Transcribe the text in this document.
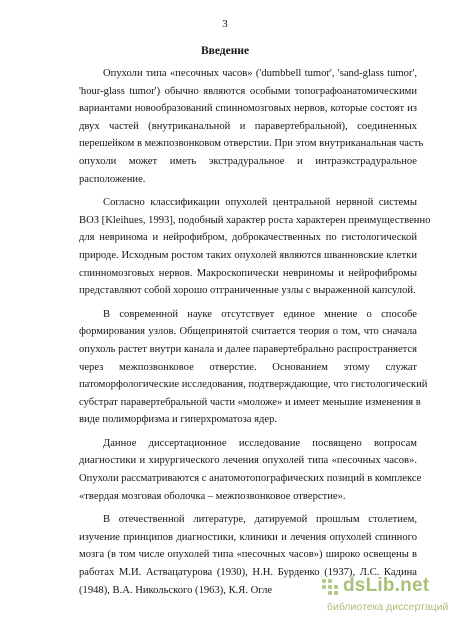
3
Введение
Опухоли типа «песочных часов» ('dumbbell tumor', 'sand-glass tumor',
'hour-glass tumor') обычно являются особыми топографоанатомическими
вариантами новообразований спинномозговых нервов, которые состоят из
двух частей (внутриканальной и паравертебральной), соединенных
перешейком в межпозвонковом отверстии. При этом внутриканальная часть
опухоли может иметь экстрадуральное и интраэкстрадуральное
расположение.
Согласно классификации опухолей центральной нервной системы
ВОЗ [Kleihues, 1993], подобный характер роста характерен преимущественно
для невринома и нейрофибром, доброкачественных по гистологической
природе. Исходным ростом таких опухолей являются шванновские клетки
спинномозговых нервов. Макроскопически невриномы и нейрофибромы
представляют собой хорошо отграниченные узлы с выраженной капсулой.
В современной науке отсутствует единое мнение о способе
формирования узлов. Общепринятой считается теория о том, что сначала
опухоль растет внутри канала и далее паравертебрально распространяется
через межпозвонковое отверстие. Основанием этому служат
патоморфологические исследования, подтверждающие, что гистологический
субстрат паравертебральной части «моложе» и имеет меньшие изменения в
виде полиморфизма и гиперхроматоза ядер.
Данное диссертационное исследование посвящено вопросам
диагностики и хирургического лечения опухолей типа «песочных часов».
Опухоли рассматриваются с анатомотопографических позиций в комплексе
«твердая мозговая оболочка – межпозвонковое отверстие».
В отечественной литературе, датируемой прошлым столетием,
изучение принципов диагностики, клиники и лечения опухолей спинного
мозга (в том числе опухолей типа «песочных часов») широко освещены в
работах М.И. Аствацатурова (1930), Н.Н. Бурденко (1937), Л.С. Кадина
(1948), В.А. Никольского (1963), К.Я. Огле	dsLib.net
библиотека диссертаций
